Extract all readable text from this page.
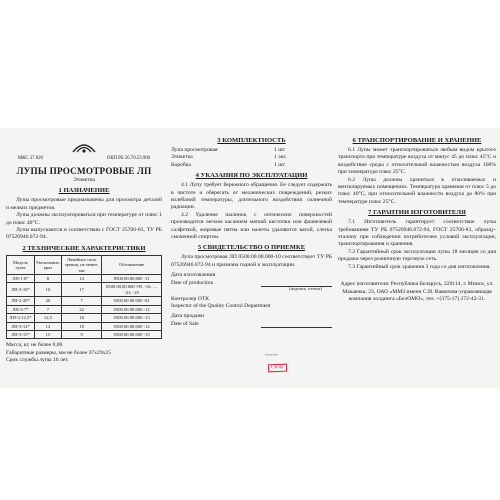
МКС 37.020	ОКП РБ 26.70.23.900
ЛУПЫ ПРОСМОТРОВЫЕ ЛП
Этикетка
1 НАЗНАЧЕНИЕ

Лупы просмотровые предназначены для просмотра деталей и мелких предметов.

Лупы должны эксплуатироваться при температуре от плюс 1 до плюс 40°С.

Лупы выпускаются в соответствии с ГОСТ 25706-83, ТУ РБ 07526946.072-94.

2 ТЕХНИЧЕСКИЕ ХАРАКТЕРИСТИКИ
Модель лупы	Увеличение, крат	Линейное поле зрения, не менее, мм	Обозначение
ЛП-1-8*	8	14	0500.00.00.000 -11
ЛП-3-10*	10	17	0500.00.00.000 -09, -16, ..., -23, -25
ЛП-2-20*	20	7	0500.00.00.000 -01
ЛП-3-7*	7	22	0500.00.00.000 -12
ЛП-3-12,5*	12,5	18	0500.00.00.000 -13
ЛП-3-12*	12	18	0500.00.00.000 -14
ЛП-3-15*	15	9	0500.00.00.000 -15
Масса, кг, не более 0,06
Габаритные размеры, мм не более 37х29х25
Срок службы лупы 10 лет.
3 КОМПЛЕКТНОСТЬ
Лупа просмотровая	1 шт
Этикетка	1 экз.
Коробка	1 шт
4 УКАЗАНИЯ ПО ЭКСПЛУАТАЦИИ

4.1 Лупу требует бережного обращения. Ее следует содержать в чистоте и оберегать от механических повреждений, резких колебаний температуры, длительного воздействия солнечной радиации.

4.2 Удаление пылинок с оптических поверхностей производится легким касанием мягкой кисточки или фланелевой салфеткой, жировые пятна или налеты удаляются ватой, слегка смоченной спиртом.

5 СВИДЕТЕЛЬСТВО О ПРИЕМКЕ

Лупа просмотровая ЛП 0500.00.00.000-10 соответствует ТУ РБ 07526946.072-94 и признана годной к эксплуатации.

Дата изготовления
Date of production
(подпись, оттиск)
Контролер ОТК
Inspector of the Quality Control Department
Дата продажи
Date of Sale
~~~~
СБ пр
6 ТРАНСПОРТИРОВАНИЕ И ХРАНЕНИЕ

6.1 Лупы может транспортироваться любым видом крытого транспорта при температуре воздуха от минус 45 до плюс 45°С и воздействие среды с относительной влажностью воздуха 100% при температуре плюс 25°С.

6.2 Лупы должны храниться в отапливаемых и вентилируемых помещениях. Температура хранения от плюс 5 до плюс 40°С, при относительной влажности воздуха до 80% при температуре плюс 25°С.

7 ГАРАНТИИ ИЗГОТОВИТЕЛЯ

7.1 Изготовитель гарантирует соответствие лупы требованиям ТУ РБ 07526946.072-94, ГОСТ 25706-83, образцу-эталону при соблюдении потребителем условий эксплуатации, транспортирования и хранения.

7.2 Гарантийный срок эксплуатации лупы 18 месяцев со дня продажи через розничную торговую сеть.

7.3 Гарантийный срок хранения 3 года со дня изготовления.

Адрес изготовителя: Республика Беларусь, 220114, г. Минск, ул. Макаенка, 23, ОАО «ММЗ имени С.И. Вавилова-управляющая компания холдинга «БелОМО», тел. +(375-17) 272-42-31.
